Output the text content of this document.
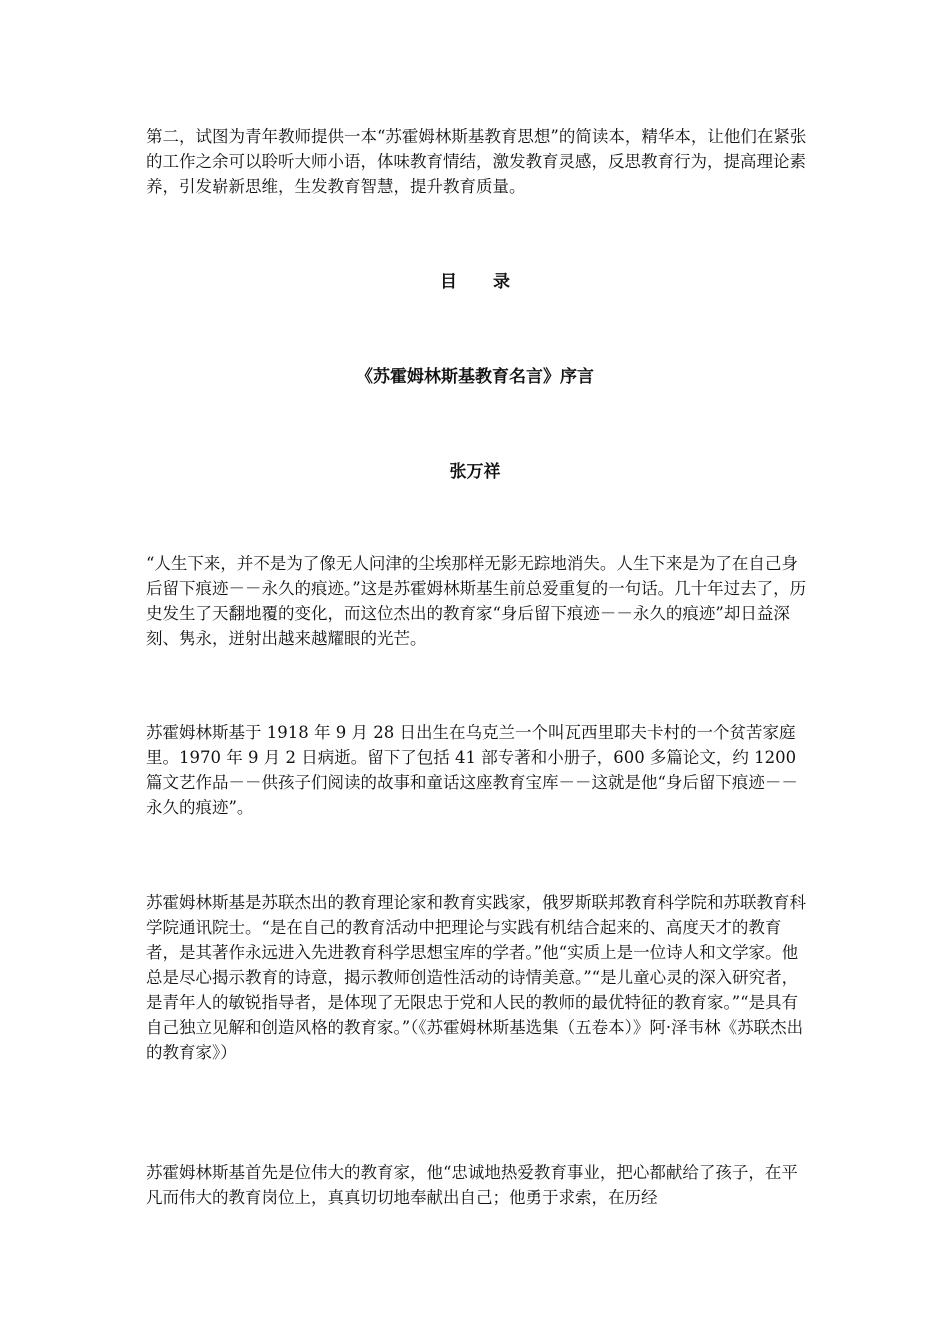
第二，试图为青年教师提供一本“苏霍姆林斯基教育思想”的简读本，精华本，让他们在紧张的工作之余可以聆听大师小语，体味教育情结，激发教育灵感，反思教育行为，提高理论素养，引发崭新思维，生发教育智慧，提升教育质量。
目 录
《苏霍姆林斯基教育名言》序言
张万祥
“人生下来，并不是为了像无人问津的尘埃那样无影无踪地消失。人生下来是为了在自己身后留下痕迹－－永久的痕迹。”这是苏霍姆林斯基生前总爱重复的一句话。几十年过去了，历史发生了天翻地覆的变化，而这位杰出的教育家“身后留下痕迹－－永久的痕迹”却日益深刻、隽永，迸射出越来越耀眼的光芒。
苏霍姆林斯基于 1918 年 9 月 28 日出生在乌克兰一个叫瓦西里耶夫卡村的一个贫苦家庭里。1970 年 9 月 2 日病逝。留下了包括 41 部专著和小册子，600 多篇论文，约 1200 篇文艺作品－－供孩子们阅读的故事和童话这座教育宝库－－这就是他“身后留下痕迹－－永久的痕迹”。
苏霍姆林斯基是苏联杰出的教育理论家和教育实践家，俄罗斯联邦教育科学院和苏联教育科学院通讯院士。“是在自己的教育活动中把理论与实践有机结合起来的、高度天才的教育者，是其著作永远进入先进教育科学思想宝库的学者。”他“实质上是一位诗人和文学家。他总是尽心揭示教育的诗意，揭示教师创造性活动的诗情美意。”“是儿童心灵的深入研究者，是青年人的敏锐指导者，是体现了无限忠于党和人民的教师的最优特征的教育家。”“是具有自己独立见解和创造风格的教育家。”（《苏霍姆林斯基选集（五卷本）》阿·泽韦林《苏联杰出的教育家》）
苏霍姆林斯基首先是位伟大的教育家，他“忠诚地热爱教育事业，把心都献给了孩子，在平凡而伟大的教育岗位上，真真切切地奉献出自己；他勇于求索，在历经
